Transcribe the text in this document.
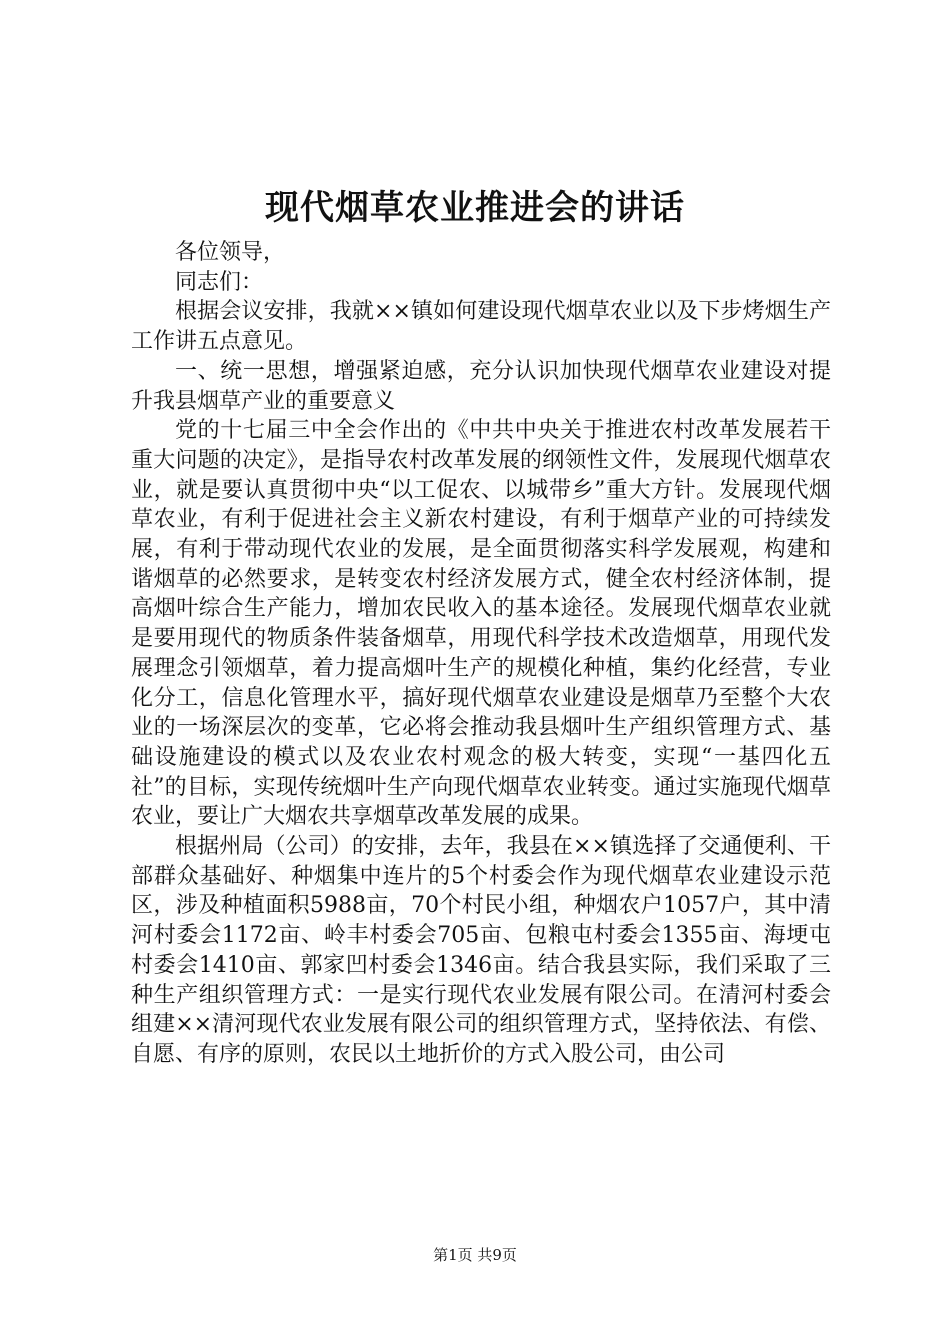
现代烟草农业推进会的讲话

各位领导，

同志们：

根据会议安排，我就××镇如何建设现代烟草农业以及下步烤烟生产工作讲五点意见。

一、统一思想，增强紧迫感，充分认识加快现代烟草农业建设对提升我县烟草产业的重要意义

党的十七届三中全会作出的《中共中央关于推进农村改革发展若干重大问题的决定》，是指导农村改革发展的纲领性文件，发展现代烟草农业，就是要认真贯彻中央“以工促农、以城带乡”重大方针。发展现代烟草农业，有利于促进社会主义新农村建设，有利于烟草产业的可持续发展，有利于带动现代农业的发展，是全面贯彻落实科学发展观，构建和谐烟草的必然要求，是转变农村经济发展方式，健全农村经济体制，提高烟叶综合生产能力，增加农民收入的基本途径。发展现代烟草农业就是要用现代的物质条件装备烟草，用现代科学技术改造烟草，用现代发展理念引领烟草，着力提高烟叶生产的规模化种植，集约化经营，专业化分工，信息化管理水平，搞好现代烟草农业建设是烟草乃至整个大农业的一场深层次的变革，它必将会推动我县烟叶生产组织管理方式、基础设施建设的模式以及农业农村观念的极大转变，实现“一基四化五社”的目标，实现传统烟叶生产向现代烟草农业转变。通过实施现代烟草农业，要让广大烟农共享烟草改革发展的成果。

根据州局（公司）的安排，去年，我县在××镇选择了交通便利、干部群众基础好、种烟集中连片的5个村委会作为现代烟草农业建设示范区，涉及种植面积5988亩，70个村民小组，种烟农户1057户，其中清河村委会1172亩、岭丰村委会705亩、包粮屯村委会1355亩、海埂屯村委会1410亩、郭家凹村委会1346亩。结合我县实际，我们采取了三种生产组织管理方式：一是实行现代农业发展有限公司。在清河村委会组建××清河现代农业发展有限公司的组织管理方式，坚持依法、有偿、自愿、有序的原则，农民以土地折价的方式入股公司，由公司

第1页 共9页
